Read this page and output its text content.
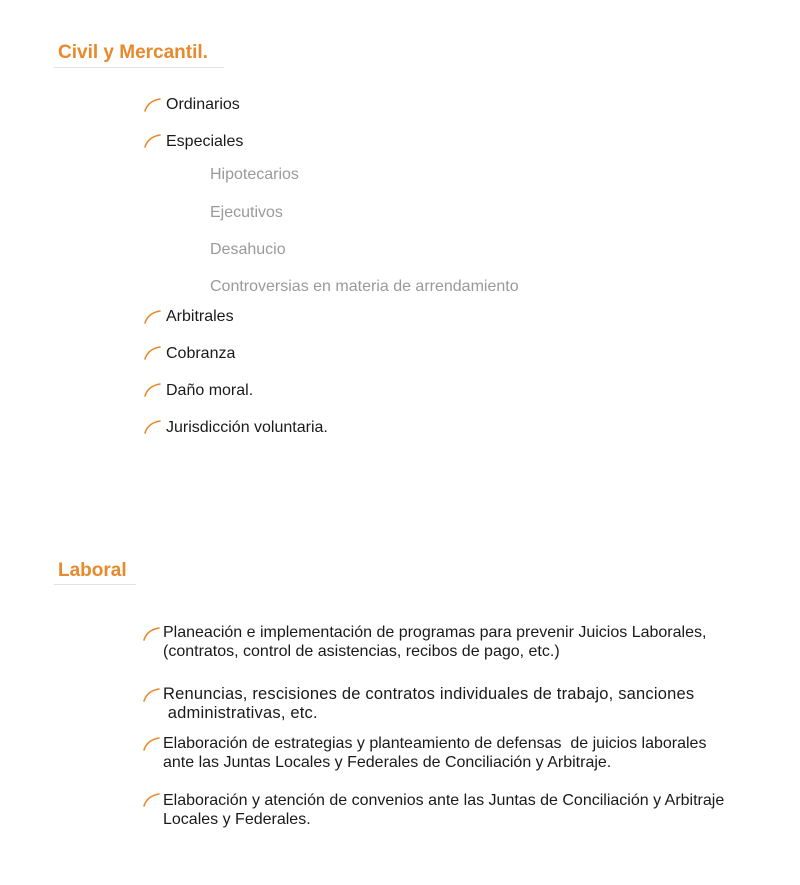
Civil y Mercantil.
Ordinarios
Especiales
Hipotecarios
Ejecutivos
Desahucio
Controversias en materia de arrendamiento
Arbitrales
Cobranza
Daño moral.
Jurisdicción voluntaria.
Laboral
Planeación e implementación de programas para prevenir Juicios Laborales,
(contratos, control de asistencias, recibos de pago, etc.)
Renuncias, rescisiones de contratos individuales de trabajo, sanciones
administrativas, etc.
Elaboración de estrategias y planteamiento de defensas  de juicios laborales
ante las Juntas Locales y Federales de Conciliación y Arbitraje.
Elaboración y atención de convenios ante las Juntas de Conciliación y Arbitraje
Locales y Federales.
